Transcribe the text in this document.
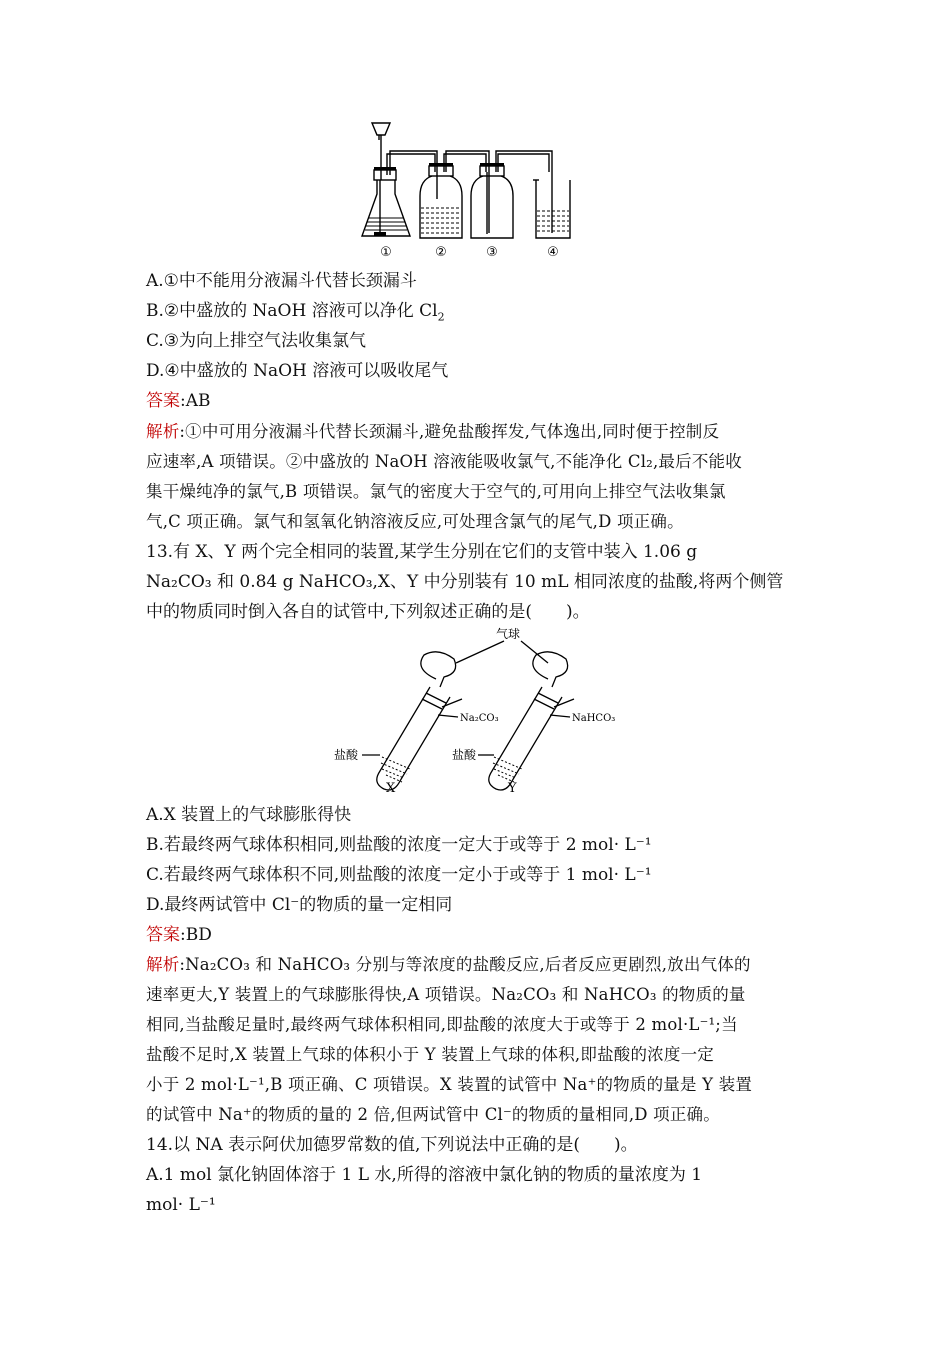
①	②	③	④
A.①中不能用分液漏斗代替长颈漏斗
B.②中盛放的 NaOH 溶液可以净化 $Cl_2$
C.③为向上排空气法收集氯气
D.④中盛放的 NaOH 溶液可以吸收尾气
答案:AB
解析:①中可用分液漏斗代替长颈漏斗,避免盐酸挥发,气体逸出,同时便于控制反
应速率,A 项错误。②中盛放的 NaOH 溶液能吸收氯气,不能净化 Cl₂,最后不能收
集干燥纯净的氯气,B 项错误。氯气的密度大于空气的,可用向上排空气法收集氯
气,C 项正确。氯气和氢氧化钠溶液反应,可处理含氯气的尾气,D 项正确。
13.有 X、Y 两个完全相同的装置,某学生分别在它们的支管中装入 1.06 g
Na₂CO₃ 和 0.84 g NaHCO₃,X、Y 中分别装有 10 mL 相同浓度的盐酸,将两个侧管
中的物质同时倒入各自的试管中,下列叙述正确的是(　　)。
气球
Na₂CO₃	NaHCO₃
盐酸	盐酸
X	Y
A.X 装置上的气球膨胀得快
B.若最终两气球体积相同,则盐酸的浓度一定大于或等于 2 mol· L⁻¹
C.若最终两气球体积不同,则盐酸的浓度一定小于或等于 1 mol· L⁻¹
D.最终两试管中 Cl⁻的物质的量一定相同
答案:BD
解析:Na₂CO₃ 和 NaHCO₃ 分别与等浓度的盐酸反应,后者反应更剧烈,放出气体的
速率更大,Y 装置上的气球膨胀得快,A 项错误。Na₂CO₃ 和 NaHCO₃ 的物质的量
相同,当盐酸足量时,最终两气球体积相同,即盐酸的浓度大于或等于 2 mol·L⁻¹;当
盐酸不足时,X 装置上气球的体积小于 Y 装置上气球的体积,即盐酸的浓度一定
小于 2 mol·L⁻¹,B 项正确、C 项错误。X 装置的试管中 Na⁺的物质的量是 Y 装置
的试管中 Na⁺的物质的量的 2 倍,但两试管中 Cl⁻的物质的量相同,D 项正确。
14.以 NA 表示阿伏加德罗常数的值,下列说法中正确的是(　　)。
A.1 mol 氯化钠固体溶于 1 L 水,所得的溶液中氯化钠的物质的量浓度为 1
mol· L⁻¹
